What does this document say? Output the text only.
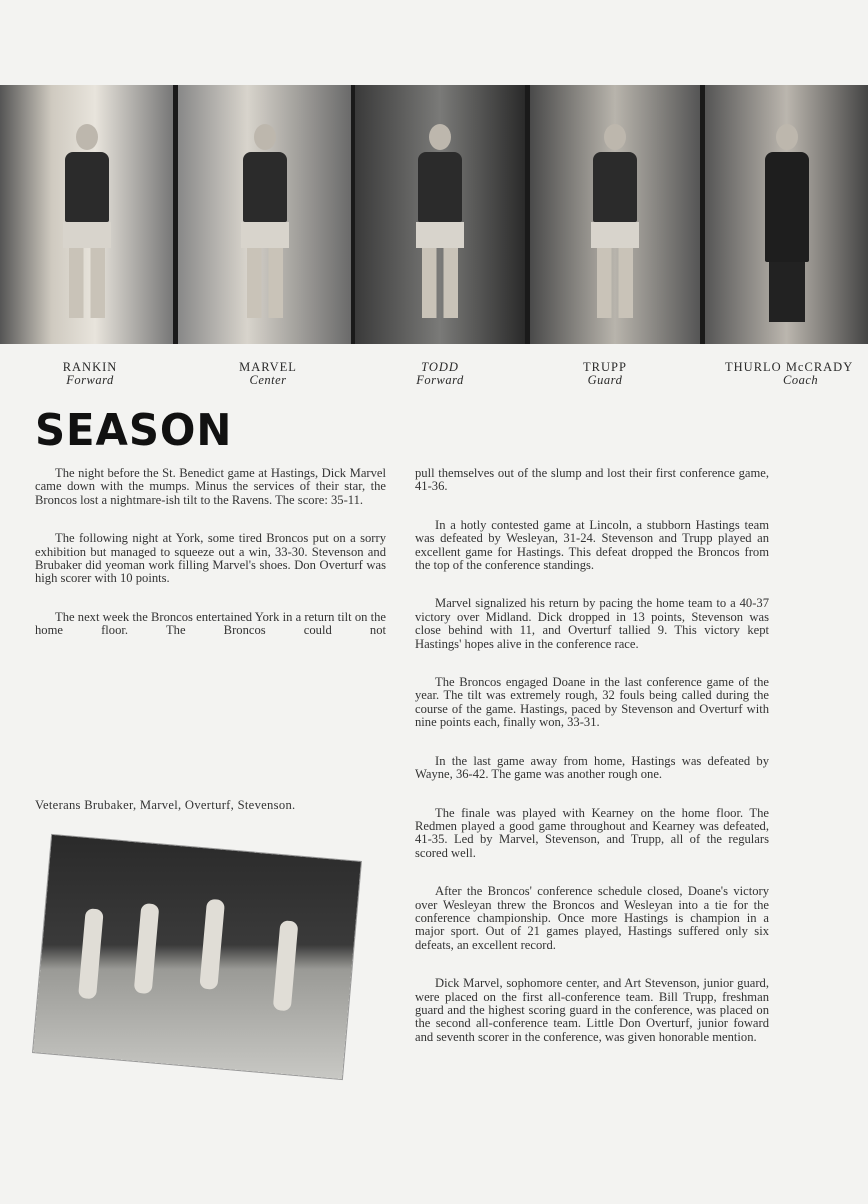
RANKIN
Forward
MARVEL
Center
TODD
Forward
TRUPP
Guard
THURLO McCRADY
Coach
SEASON

The night before the St. Benedict game at Hastings, Dick Marvel came down with the mumps. Minus the services of their star, the Broncos lost a nightmare-ish tilt to the Ravens. The score: 35-11.

The following night at York, some tired Broncos put on a sorry exhibition but managed to squeeze out a win, 33-30. Stevenson and Brubaker did yeoman work filling Marvel's shoes. Don Overturf was high scorer with 10 points.

The next week the Broncos entertained York in a return tilt on the home floor. The Broncos could not

pull themselves out of the slump and lost their first conference game, 41-36.

In a hotly contested game at Lincoln, a stubborn Hastings team was defeated by Wesleyan, 31-24. Stevenson and Trupp played an excellent game for Hastings. This defeat dropped the Broncos from the top of the conference standings.

Marvel signalized his return by pacing the home team to a 40-37 victory over Midland. Dick dropped in 13 points, Stevenson was close behind with 11, and Overturf tallied 9. This victory kept Hastings' hopes alive in the conference race.

The Broncos engaged Doane in the last conference game of the year. The tilt was extremely rough, 32 fouls being called during the course of the game. Hastings, paced by Stevenson and Overturf with nine points each, finally won, 33-31.

In the last game away from home, Hastings was defeated by Wayne, 36-42. The game was another rough one.

The finale was played with Kearney on the home floor. The Redmen played a good game throughout and Kearney was defeated, 41-35. Led by Marvel, Stevenson, and Trupp, all of the regulars scored well.

After the Broncos' conference schedule closed, Doane's victory over Wesleyan threw the Broncos and Wesleyan into a tie for the conference championship. Once more Hastings is champion in a major sport. Out of 21 games played, Hastings suffered only six defeats, an excellent record.

Dick Marvel, sophomore center, and Art Stevenson, junior guard, were placed on the first all-conference team. Bill Trupp, freshman guard and the highest scoring guard in the conference, was placed on the second all-conference team. Little Don Overturf, junior foward and seventh scorer in the conference, was given honorable mention.

Veterans Brubaker, Marvel, Overturf, Stevenson.
